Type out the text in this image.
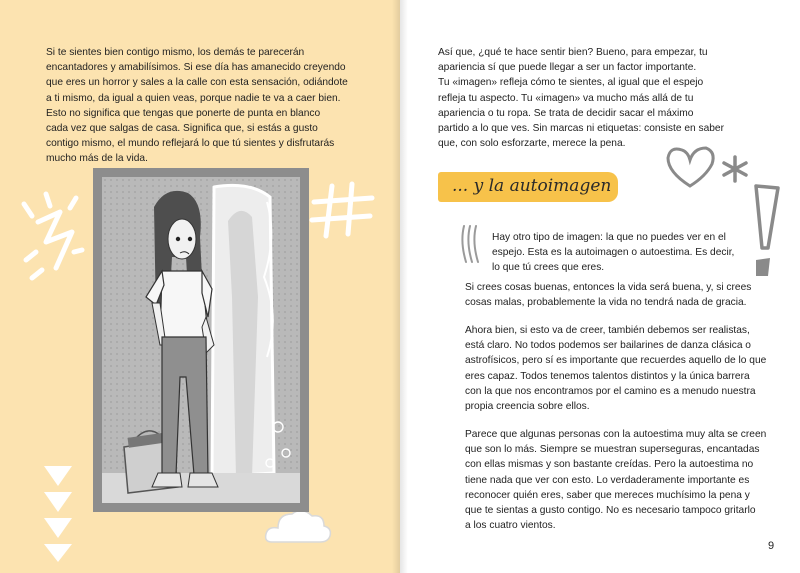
Si te sientes bien contigo mismo, los demás te parecerán
encantadores y amabilísimos. Si ese día has amanecido creyendo
que eres un horror y sales a la calle con esta sensación, odiándote
a ti mismo, da igual a quien veas, porque nadie te va a caer bien.
Esto no significa que tengas que ponerte de punta en blanco
cada vez que salgas de casa. Significa que, si estás a gusto
contigo mismo, el mundo reflejará lo que tú sientes y disfrutarás
mucho más de la vida.
Así que, ¿qué te hace sentir bien? Bueno, para empezar, tu
apariencia sí que puede llegar a ser un factor importante.
Tu «imagen» refleja cómo te sientes, al igual que el espejo
refleja tu aspecto. Tu «imagen» va mucho más allá de tu
apariencia o tu ropa. Se trata de decidir sacar el máximo
partido a lo que ves. Sin marcas ni etiquetas: consiste en saber
que, con solo esforzarte, merece la pena.
... y la autoimagen
Hay otro tipo de imagen: la que no puedes ver en el
espejo. Esta es la autoimagen o autoestima. Es decir,
lo que tú crees que eres.
Si crees cosas buenas, entonces la vida será buena, y, si crees
cosas malas, probablemente la vida no tendrá nada de gracia.
Ahora bien, si esto va de creer, también debemos ser realistas,
está claro. No todos podemos ser bailarines de danza clásica o
astrofísicos, pero sí es importante que recuerdes aquello de lo que
eres capaz. Todos tenemos talentos distintos y la única barrera
con la que nos encontramos por el camino es a menudo nuestra
propia creencia sobre ellos.
Parece que algunas personas con la autoestima muy alta se creen
que son lo más. Siempre se muestran superseguras, encantadas
con ellas mismas y son bastante creídas. Pero la autoestima no
tiene nada que ver con esto. Lo verdaderamente importante es
reconocer quién eres, saber que mereces muchísimo la pena y
que te sientas a gusto contigo. No es necesario tampoco gritarlo
a los cuatro vientos.
9
